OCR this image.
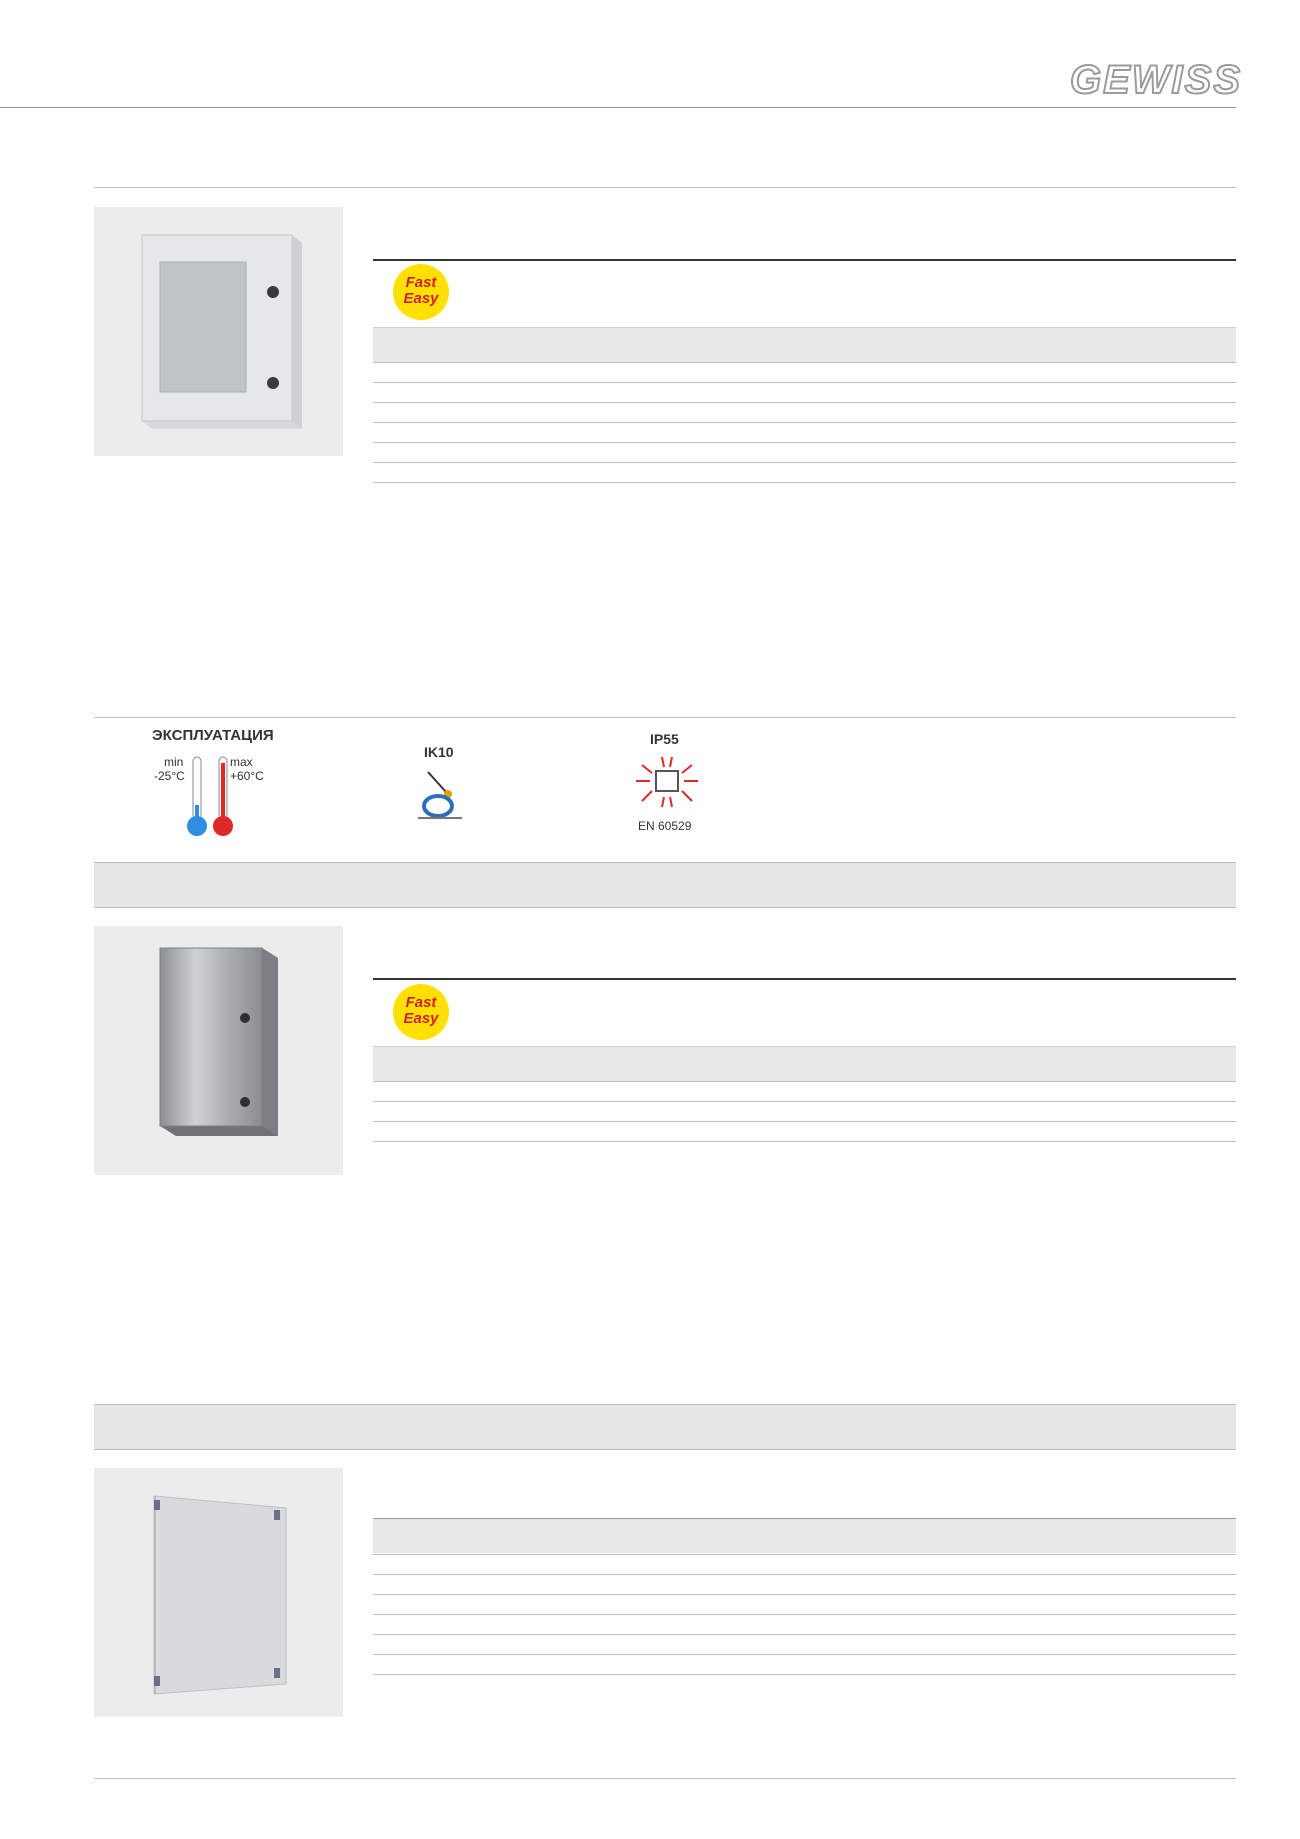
GEWISS
Fast
Easy
ЭКСПЛУАТАЦИЯ
min
-25°C
max
+60°C
IK10
IP55
EN 60529
Fast
Easy
